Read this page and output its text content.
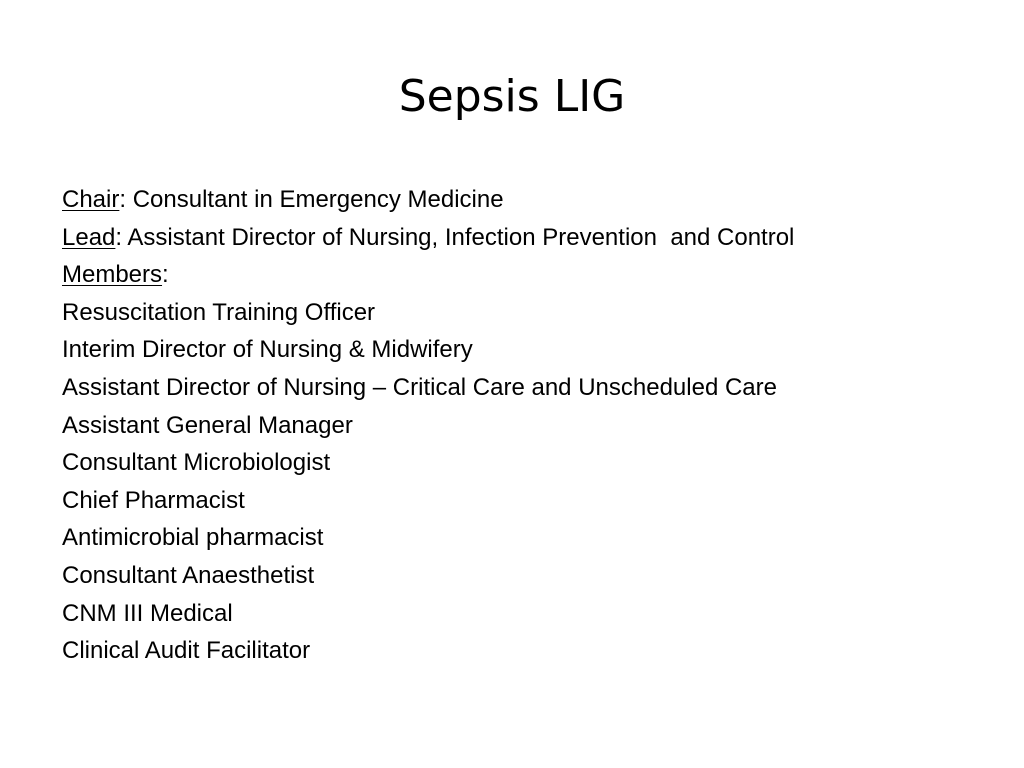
Sepsis LIG
Chair: Consultant in Emergency Medicine
Lead: Assistant Director of Nursing, Infection Prevention  and Control
Members:
Resuscitation Training Officer
Interim Director of Nursing & Midwifery
Assistant Director of Nursing – Critical Care and Unscheduled Care
Assistant General Manager
Consultant Microbiologist
Chief Pharmacist
Antimicrobial pharmacist
Consultant Anaesthetist
CNM III Medical
Clinical Audit Facilitator
